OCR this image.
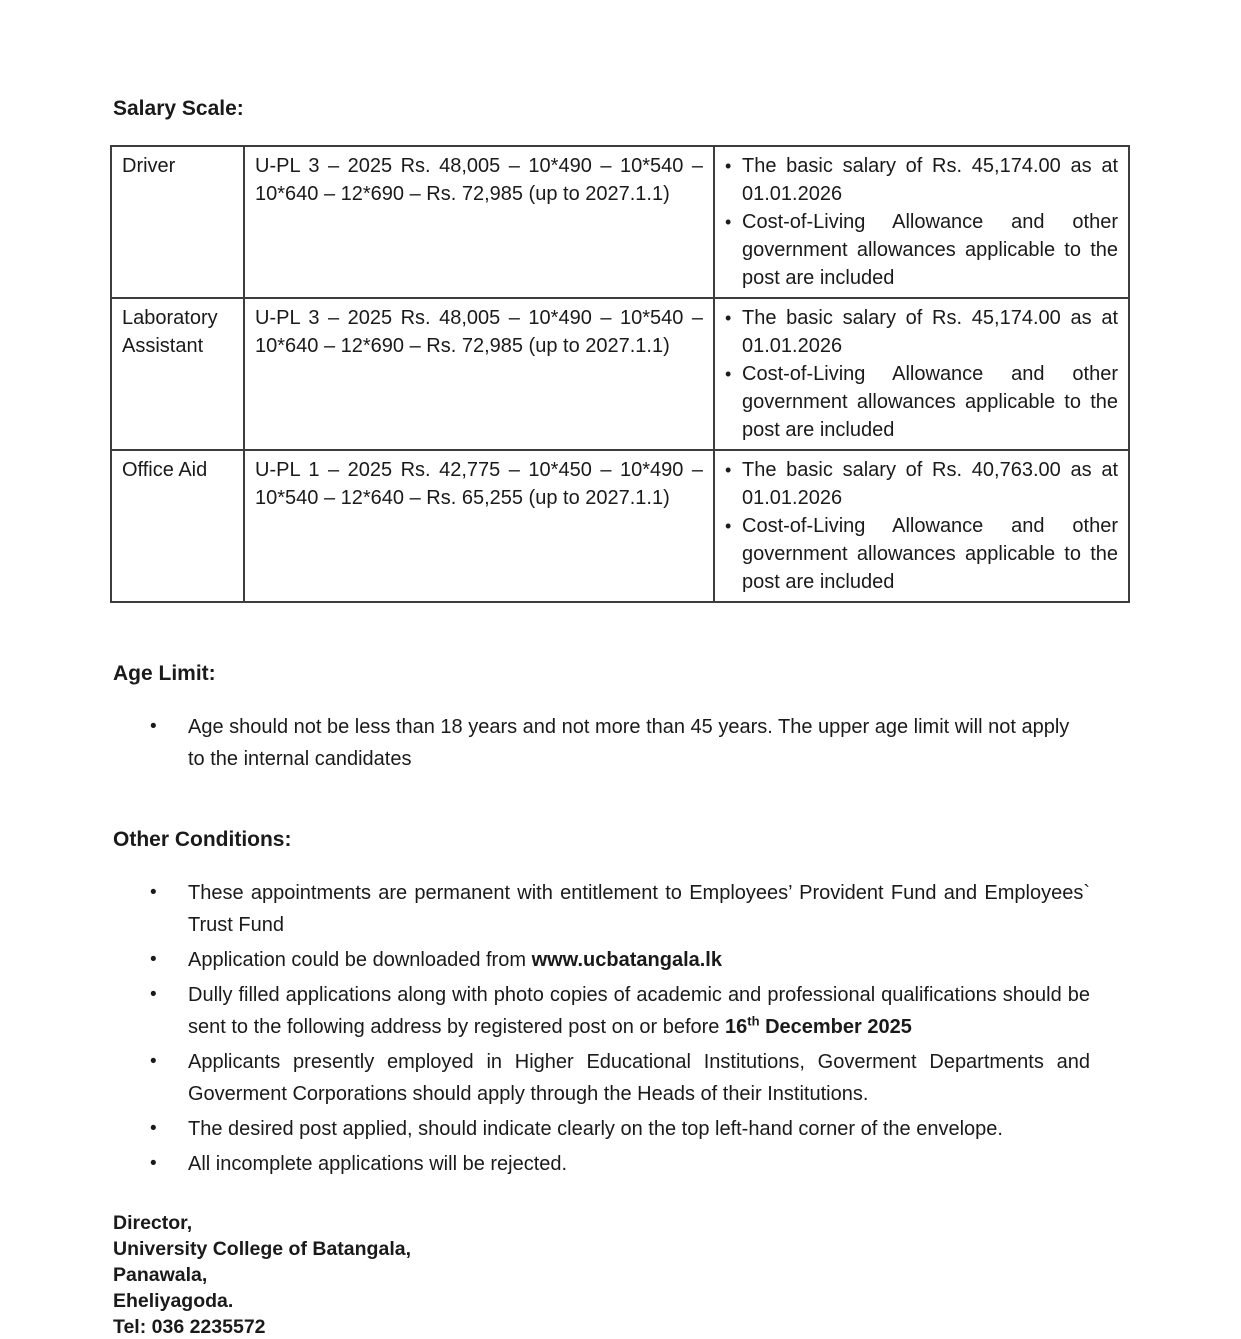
Salary Scale:
Driver	U-PL 3 – 2025 Rs. 48,005 – 10*490 – 10*540 – 10*640 – 12*690 – Rs. 72,985 (up to 2027.1.1)	• The basic salary of Rs. 45,174.00 as at 01.01.2026
• Cost-of-Living Allowance and other government allowances applicable to the post are included

Laboratory Assistant	U-PL 3 – 2025 Rs. 48,005 – 10*490 – 10*540 – 10*640 – 12*690 – Rs. 72,985 (up to 2027.1.1)	• The basic salary of Rs. 45,174.00 as at 01.01.2026
• Cost-of-Living Allowance and other government allowances applicable to the post are included

Office Aid	U-PL 1 – 2025 Rs. 42,775 – 10*450 – 10*490 – 10*540 – 12*640 – Rs. 65,255 (up to 2027.1.1)	• The basic salary of Rs. 40,763.00 as at 01.01.2026
• Cost-of-Living Allowance and other government allowances applicable to the post are included
Age Limit:
•	Age should not be less than 18 years and not more than 45 years. The upper age limit will not apply to the internal candidates
Other Conditions:
•	These appointments are permanent with entitlement to Employees’ Provident Fund and Employees` Trust Fund
•	Application could be downloaded from www.ucbatangala.lk
•	Dully filled applications along with photo copies of academic and professional qualifications should be sent to the following address by registered post on or before 16th December 2025
•	Applicants presently employed in Higher Educational Institutions, Goverment Departments and Goverment Corporations should apply through the Heads of their Institutions.
•	The desired post applied, should indicate clearly on the top left-hand corner of the envelope.
•	All incomplete applications will be rejected.
Director,
University College of Batangala,
Panawala,
Eheliyagoda.
Tel: 036 2235572
